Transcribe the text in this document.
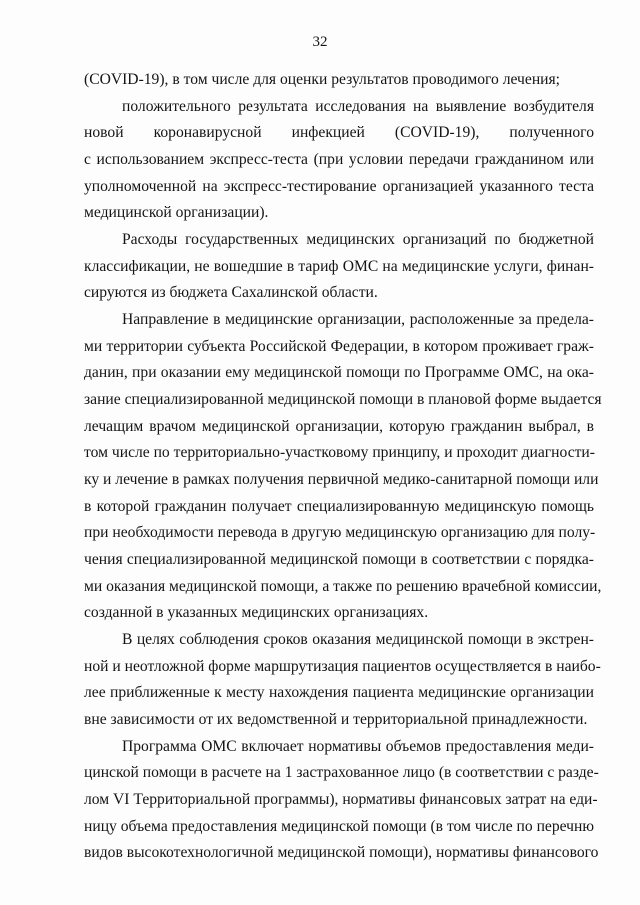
32
(COVID-19), в том числе для оценки результатов проводимого лечения;
положительного результата исследования на выявление возбудителя
новой коронавирусной инфекцией (COVID-19), полученного
с использованием экспресс-теста (при условии передачи гражданином или
уполномоченной на экспресс-тестирование организацией указанного теста
медицинской организации).
Расходы государственных медицинских организаций по бюджетной
классификации, не вошедшие в тариф ОМС на медицинские услуги, финан-
сируются из бюджета Сахалинской области.
Направление в медицинские организации, расположенные за предела-
ми территории субъекта Российской Федерации, в котором проживает граж-
данин, при оказании ему медицинской помощи по Программе ОМС, на ока-
зание специализированной медицинской помощи в плановой форме выдается
лечащим врачом медицинской организации, которую гражданин выбрал, в
том числе по территориально-участковому принципу, и проходит диагности-
ку и лечение в рамках получения первичной медико-санитарной помощи или
в которой гражданин получает специализированную медицинскую помощь
при необходимости перевода в другую медицинскую организацию для полу-
чения специализированной медицинской помощи в соответствии с порядка-
ми оказания медицинской помощи, а также по решению врачебной комиссии,
созданной в указанных медицинских организациях.
В целях соблюдения сроков оказания медицинской помощи в экстрен-
ной и неотложной форме маршрутизация пациентов осуществляется в наибо-
лее приближенные к месту нахождения пациента медицинские организации
вне зависимости от их ведомственной и территориальной принадлежности.
Программа ОМС включает нормативы объемов предоставления меди-
цинской помощи в расчете на 1 застрахованное лицо (в соответствии с разде-
лом VI Территориальной программы), нормативы финансовых затрат на еди-
ницу объема предоставления медицинской помощи (в том числе по перечню
видов высокотехнологичной медицинской помощи), нормативы финансового
